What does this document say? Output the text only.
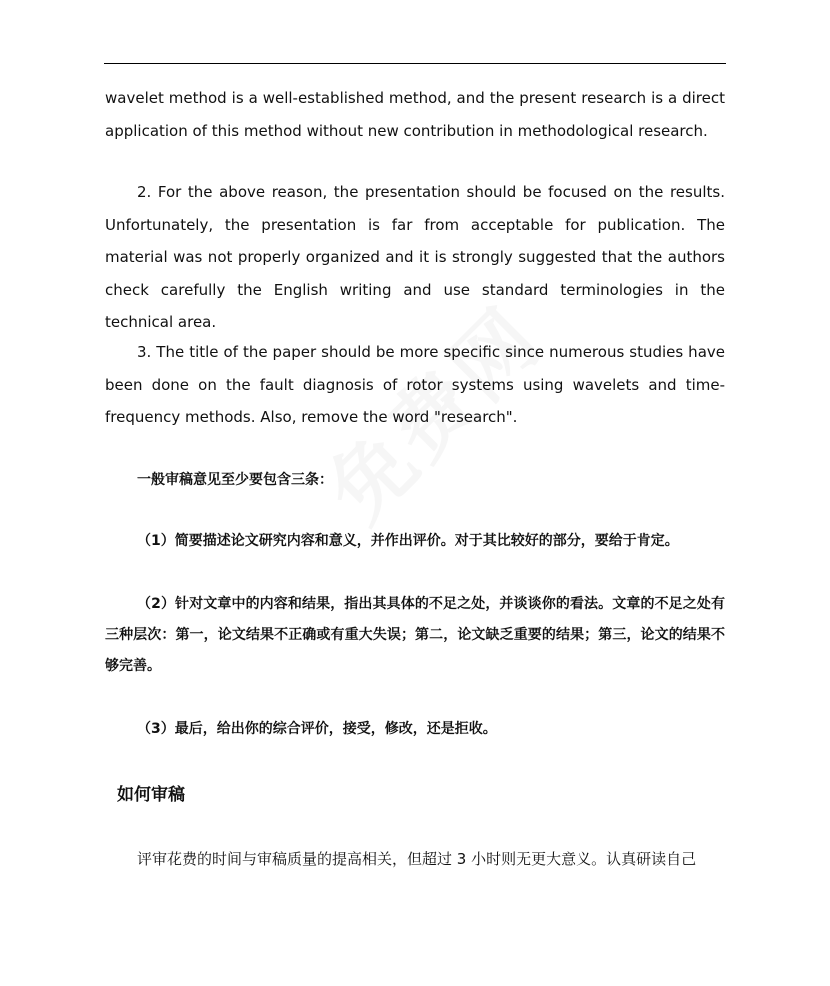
wavelet method is a well-established method, and the present research is a direct application of this method without new contribution in methodological research.

2. For the above reason, the presentation should be focused on the results. Unfortunately, the presentation is far from acceptable for publication. The material was not properly organized and it is strongly suggested that the authors check carefully the English writing and use standard terminologies in the technical area.

3. The title of the paper should be more specific since numerous studies have been done on the fault diagnosis of rotor systems using wavelets and time-frequency methods. Also, remove the word "research".

一般审稿意见至少要包含三条：

（1）简要描述论文研究内容和意义，并作出评价。对于其比较好的部分，要给于肯定。

（2）针对文章中的内容和结果，指出其具体的不足之处，并谈谈你的看法。文章的不足之处有三种层次：第一，论文结果不正确或有重大失误；第二，论文缺乏重要的结果；第三，论文的结果不够完善。

（3）最后，给出你的综合评价，接受，修改，还是拒收。

如何审稿

评审花费的时间与审稿质量的提高相关，但超过 3 小时则无更大意义。认真研读自己
